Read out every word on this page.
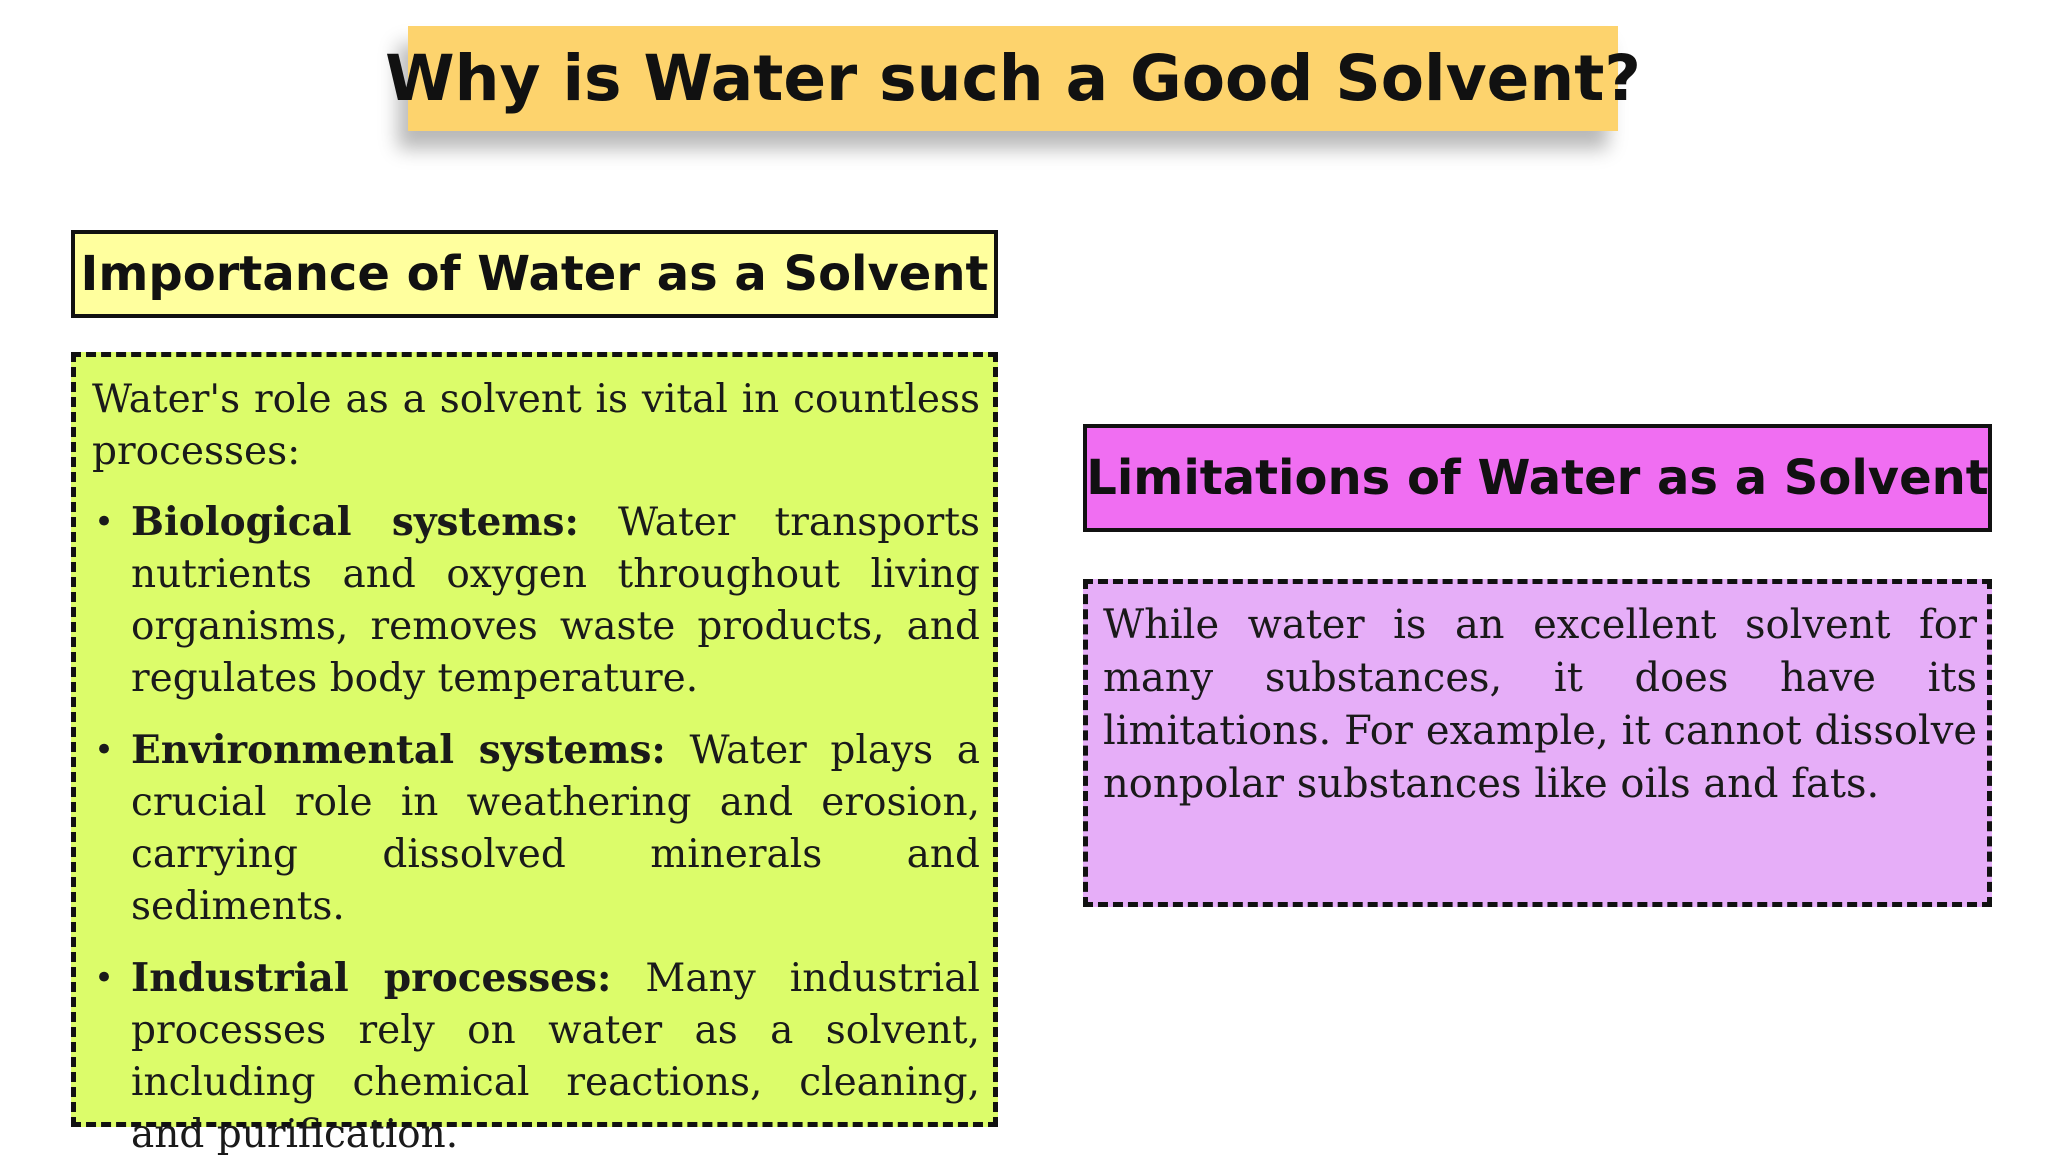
Why is Water such a Good Solvent?
Importance of Water as a Solvent

Water's role as a solvent is vital in countless processes:

• Biological systems: Water transports nutrients and oxygen throughout living organisms, removes waste products, and regulates body temperature.
• Environmental systems: Water plays a crucial role in weathering and erosion, carrying dissolved minerals and sediments.
• Industrial processes: Many industrial processes rely on water as a solvent, including chemical reactions, cleaning, and purification.
Limitations of Water as a Solvent

While water is an excellent solvent for many substances, it does have its limitations. For example, it cannot dissolve nonpolar substances like oils and fats.
